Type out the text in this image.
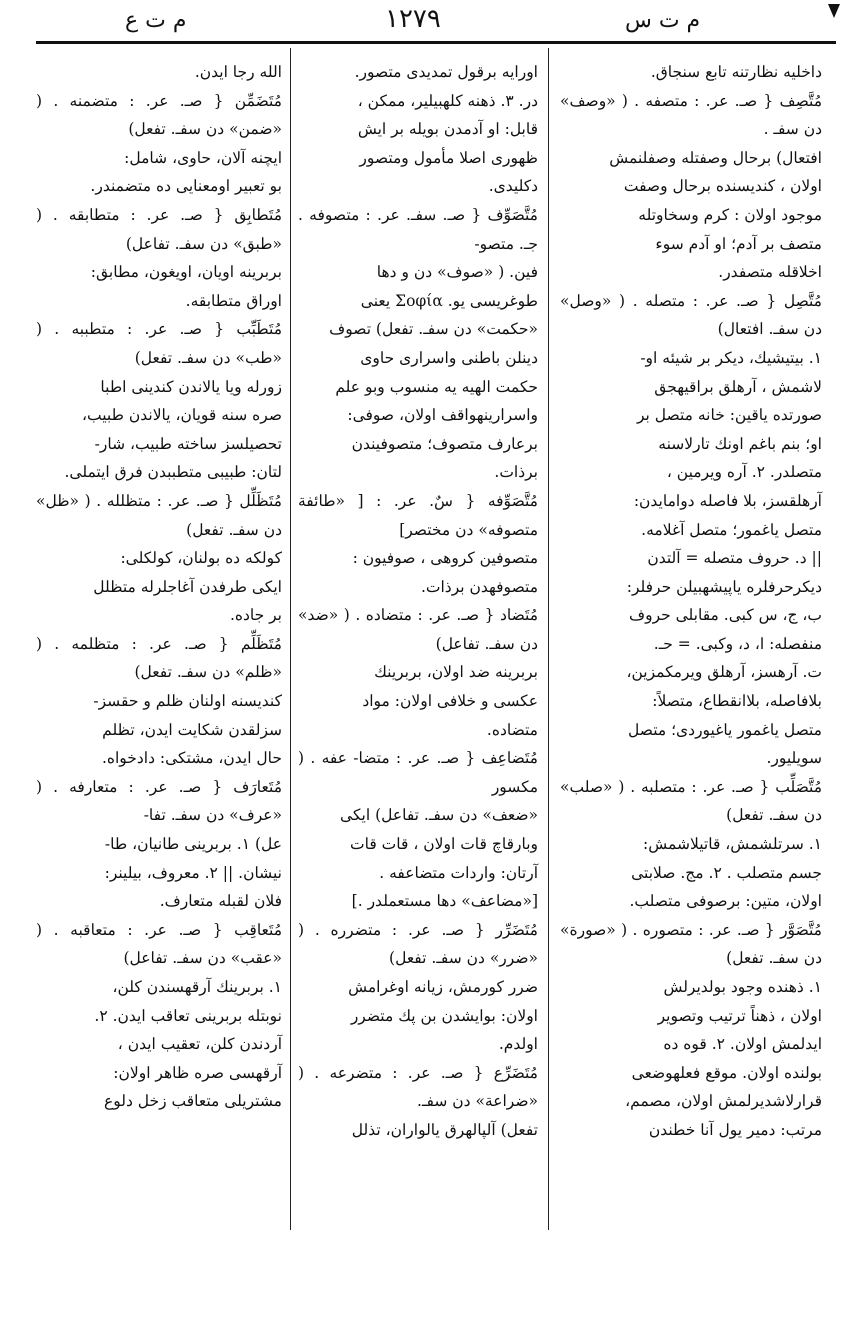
م ت ع	١٢٧٩	م ت س

داخلیه نظارتنه تابع سنجاق.

مُتَّصِف { صـ. عر. : متصفه . ( «وصف» دن سفـ .

افتعال) برحال وصفتله وصفلنمش

اولان ، کندیسنده برحال وصفت

موجود اولان : کرم وسخاوتله

متصف بر آدم؛ او آدم سوء

اخلاقله متصفدر.

مُتَّصِل { صـ. عر. : متصله . ( «وصل» دن سفـ. افتعال)

١. بیتیشیك، دیكر بر شیئه او-

لاشمش ، آرهلق براقیهجق

صورتده یاقین: خانه متصل بر

او؛ بنم باغم اونك تارلاسنه

متصلدر. ٢. آره ویرمین ،

آرهلقسز، بلا فاصله دوامایدن:

متصل یاغمور؛ متصل آغلامه.

|| د. حروف متصله = آلتدن

دیكرحرفلره یاپیشهبیلن حرفلر:

ب، ج، س كبی. مقابلی حروف

منفصله: ا، د، وكبی. = حـ.

ت. آرهسز، آرهلق ویرمكمزین،

بلافاصله، بلاانقطاع، متصلاً:

متصل یاغمور یاغیوردی؛ متصل

سویلیور.

مُتَّصَلِّب { صـ. عر. : متصلبه . ( «صلب» دن سفـ. تفعل)

١. سرتلشمش، قاتیلاشمش:

جسم متصلب . ٢. مج. صلابتی

اولان، متین: برصوفی متصلب.

مُتَّصَوَّر { صـ. عر. : متصوره . ( «صورة» دن سفـ. تفعل)

١. ذهنده وجود بولدیرلش

اولان ، ذهناً ترتیب وتصویر

ایدلمش اولان. ٢. قوه ده

بولنده اولان. موقع فعلهوضعی

قرارلاشدیرلمش اولان، مصمم،

مرتب: دمیر یول آنا خطندن

اورایه برقول تمدیدی متصور.

در. ٣. ذهنه كلهبیلیر، ممكن ،

قابل: او آدمدن بویله بر ایش

ظهوری اصلا مأمول ومتصور

دكلیدی.

مُتَّصَوِّف { صـ. سفـ. عر. : متصوفه . جـ. متصو-

فین. ( «صوف» دن و دها

طوغریسی یو. Σοφία یعنی

«حكمت» دن سفـ. تفعل) تصوف

دینلن باطنی واسراری حاوی

حكمت الهیه یه منسوب وبو علم

واسرارینهواقف اولان، صوفی:

برعارف متصوف؛ متصوفیندن

برذات.

مُتَّصَوِّفه { سٌ. عر. : [ «طائفة متصوفه» دن مختصر]

متصوفین كروهی ، صوفیون :

متصوفهدن برذات.

مُتَضاد { صـ. عر. : متضاده . ( «ضد» دن سفـ. تفاعل)

بربرینه ضد اولان، بربرینك

عكسی و خلافی اولان: مواد

متضاده.

مُتَضاعِف { صـ. عر. : متضا- عفه . ( مكسور

«ضعف» دن سفـ. تفاعل) ایكی

وبارقاچ قات اولان ، قات قات

آرتان: واردات متضاعفه .

[«مضاعف» دها مستعملدر .]

مُتَضَرِّر { صـ. عر. : متضرره . ( «ضرر» دن سفـ. تفعل)

ضرر كورمش، زیانه اوغرامش

اولان: بوایشدن بن پك متضرر

اولدم.

مُتَضَرِّع { صـ. عر. : متضرعه . ( «ضراعة» دن سفـ.

تفعل) آلپالهرق یالواران، تذلل

الله رجا ایدن.

مُتَضَمِّن { صـ. عر. : متضمنه . ( «ضمن» دن سفـ. تفعل)

ایچنه آلان، حاوی، شامل:

بو تعبیر اومعنایی ده متضمندر.

مُتَطابِق { صـ. عر. : متطابقه . ( «طبق» دن سفـ. تفاعل)

بربرینه اویان، اویغون، مطابق:

اوراق متطابقه.

مُتَطَبِّب { صـ. عر. : متطببه . ( «طب» دن سفـ. تفعل)

زورله ویا یالاندن كندینی اطبا

صره سنه قویان، یالاندن طبیب،

تحصیلسز ساخته طبیب، شار-

لتان: طبیبی متطببدن فرق ایتملی.

مُتَظَلِّل { صـ. عر. : متظلله . ( «ظل» دن سفـ. تفعل)

كولكه ده بولنان، كولكلی:

ایكی طرفدن آغاجلرله متظلل

بر جاده.

مُتَظَلِّم { صـ. عر. : متظلمه . ( «ظلم» دن سفـ. تفعل)

كندیسنه اولنان ظلم و حقسز-

سزلقدن شكایت ایدن، تظلم

حال ایدن، مشتكی: دادخواه.

مُتَعارَف { صـ. عر. : متعارفه . ( «عرف» دن سفـ. تفا-

عل) ١. بربرینی طانیان، طا-

نیشان. || ٢. معروف، بیلینر:

فلان لقبله متعارف.

مُتَعاقِب { صـ. عر. : متعاقبه . ( «عقب» دن سفـ. تفاعل)

١. بربرینك آرقهسندن كلن،

نوبتله بربرینی تعاقب ایدن. ٢.

آردندن كلن، تعقیب ایدن ،

آرقهسی صره ظاهر اولان:

مشتریلی متعاقب زخل دلوع
